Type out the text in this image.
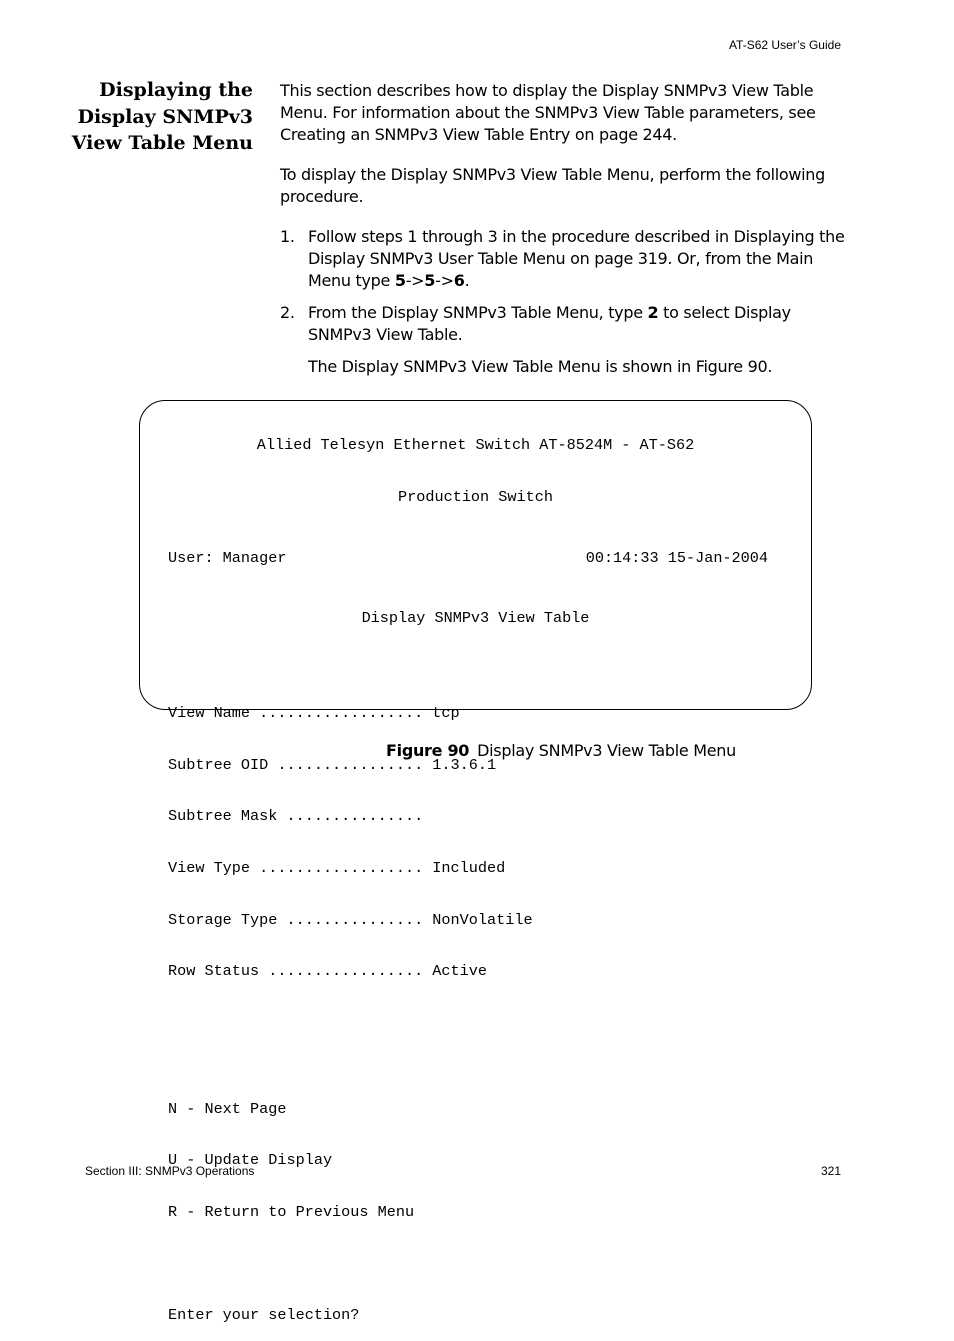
AT-S62 User’s Guide
Displaying the Display SNMPv3 View Table Menu

This section describes how to display the Display SNMPv3 View Table Menu. For information about the SNMPv3 View Table parameters, see Creating an SNMPv3 View Table Entry on page 244.

To display the Display SNMPv3 View Table Menu, perform the following procedure.

1. Follow steps 1 through 3 in the procedure described in Displaying the Display SNMPv3 User Table Menu on page 319. Or, from the Main Menu type 5->5->6.
2. From the Display SNMPv3 Table Menu, type 2 to select Display SNMPv3 View Table.
The Display SNMPv3 View Table Menu is shown in Figure 90.

Allied Telesyn Ethernet Switch AT-8524M - AT-S62

Production Switch

User: Manager	00:14:33 15-Jan-2004

Display SNMPv3 View Table

View Name .................. tcp

Subtree OID ................ 1.3.6.1

Subtree Mask ...............

View Type .................. Included

Storage Type ............... NonVolatile

Row Status ................. Active

N - Next Page

U - Update Display

R - Return to Previous Menu

Enter your selection?

Figure 90 Display SNMPv3 View Table Menu
Section III: SNMPv3 Operations	321
